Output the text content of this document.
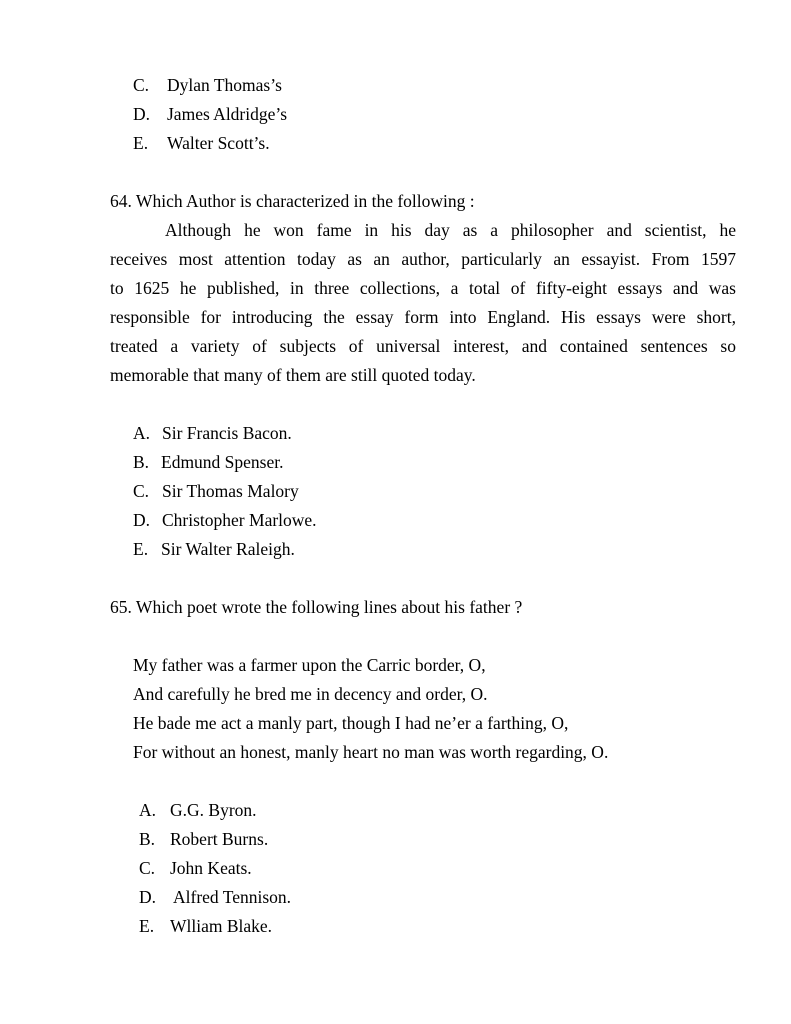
C. Dylan Thomas’s
D. James Aldridge’s
E. Walter Scott’s.
64. Which Author is characterized in the following :
Although he won fame in his day as a philosopher and scientist, he
receives most attention today as an author, particularly an essayist. From 1597
to 1625 he published, in three collections, a total of fifty-eight essays and was
responsible for introducing the essay form into England. His essays were short,
treated a variety of subjects of universal interest, and contained sentences so
memorable that many of them are still quoted today.
A. Sir Francis Bacon.
B. Edmund Spenser.
C. Sir Thomas Malory
D. Christopher Marlowe.
E. Sir Walter Raleigh.
65. Which poet wrote the following lines about his father ?
My father was a farmer upon the Carric border, O,
And carefully he bred me in decency and order, O.
He bade me act a manly part, though I had ne’er a farthing, O,
For without an honest, manly heart no man was worth regarding, O.
A. G.G. Byron.
B. Robert Burns.
C. John Keats.
D. Alfred Tennison.
E. Wlliam Blake.
